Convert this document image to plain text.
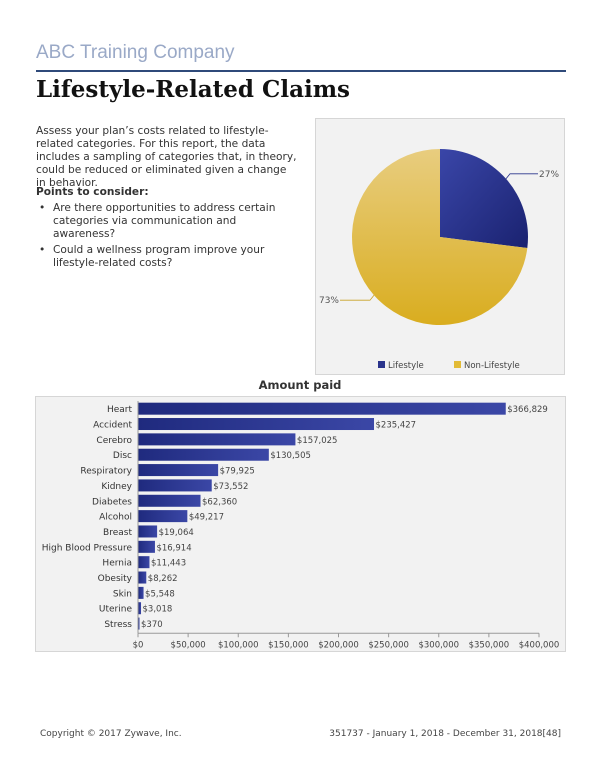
ABC Training Company
Lifestyle-Related Claims
Assess your plan’s costs related to lifestyle-related categories. For this report, the data includes a sampling of categories that, in theory, could be reduced or eliminated given a change in behavior.
Points to consider:
• Are there opportunities to address certain categories via communication and awareness?
• Could a wellness program improve your lifestyle-related costs?
27%
73%
Lifestyle	Non-Lifestyle
Amount paid
Heart	$366,829
Accident	$235,427
Cerebro	$157,025
Disc	$130,505
Respiratory	$79,925
Kidney	$73,552
Diabetes	$62,360
Alcohol	$49,217
Breast	$19,064
High Blood Pressure	$16,914
Hernia $11,443
Obesity $8,262
Skin $5,548
Uterine $3,018
Stress $370
$0	$50,000 $100,000 $150,000 $200,000 $250,000 $300,000 $350,000 $400,000
Copyright © 2017 Zywave, Inc.	351737 - January 1, 2018 - December 31, 2018[48]
